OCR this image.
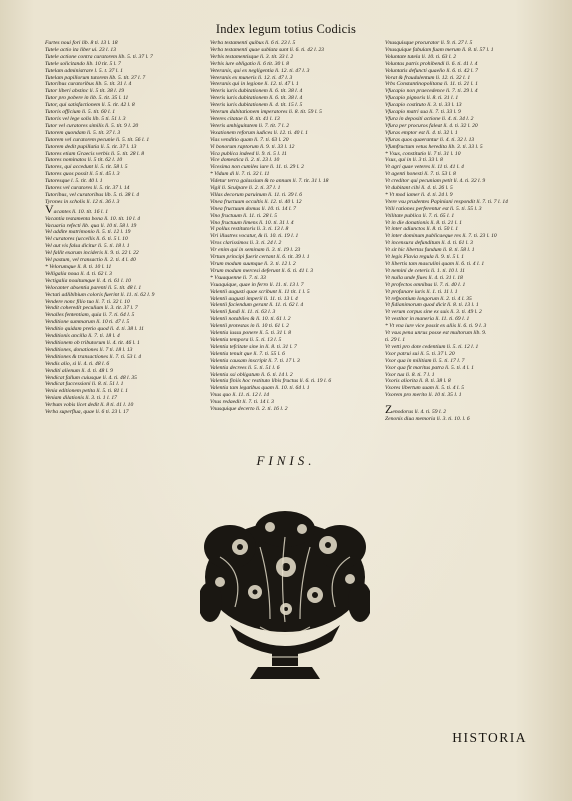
Index legum totius Codicis
Furtes noui fori lib. 8 ti. 13 l. 18
Tutele actio ita liber ui. 23 l. 13
Tutele actione contra curatorem lib. 5. ti. 37 l. 7
Tutele solicitando lib. 10 tit. 5 l. 7
Tutelam administrare l. 5. t. 37 l. 1
Tutelam papillorum tutorem lib. 5. tit. 37 l. 7
Tutoribus curatoribus lib. 5. tit. 31 l. 4
Tutor liberi abstinc li. 5 tit. 38 l. 19
Tutor pro pobere in lib. 5. tit. 35 l. 11
Tutor, qui satisfactionem li. 5. tit. 42 l. 8
Tutoris officium li. 5. tit. 60 l. 1
Tutoris vel lege solis lib. 5 ti. 51 l. 3
Tutor vel curatores similis li. 5. tit. 9 l. 20
Tutorem quondam li. 5. tit. 37 l. 3
Tutorem vel curatorem pecunie li. 5. tit. 56 l. 1
Tutorem dedit pupillatia li. 5. tit. 37 l. 13
Tutores etiam Graecis verbis li. 5. tit. 28 l. 8
Tutores nominatos li. 5 tit. 62 l. 10
Tutores, qui accedunt li. 5. tit. 58 l. 5
Tutores quos possit li. 5 ti. 45 l. 3
Tutoresque l. 5. tit. 40 l. 1
Tutores vel curatores li. 5. tit. 37 l. 14
Tutoribus, vel curatoribus lib. 5. ti. 38 l. 4
Tyrones in scholis li. 12 ti. 36 l. 3
Vacantes li. 10. tit. 16 l. 1
Vacantia testamenta bona li. 10. tit. 10 l. 4
Vacuaria refecti lib. qua li. 10 ti. 58 l. 19
Vel addite matrimonio li. 5. ti. 12 l. 19
Vel curatores (uccellis li. 6. ti. 5 l. 10
Vel aut vis falsa dicitur li. 5. ti. 18 l. 1
Vel fallit exarum incideris li. 9. ti. 22 l. 22
Vel pastum, vel transactio li. 2. ti. 4 l. 40
* Velorumque li. 8. ti. 10 l. 11
Velligalia noua li. 4. ti. 62 l. 3
Vectigalia nouitumque li. 4. ti. 61 l. 10
Velocanter absentia parenti li. 5. tit. 48 l. 1
Vectati adlibibium coloris fuerint li. 11. ti. 62 l. 9
Vendere nonc filio tuo li. 7. ti. 32 l. 10
Vendit coheredit peculium li. 3. tit. 37 l. 7
Venalles fententiam, quia li. 7. ti. 64 l. 5
Venditione summarum li. 10 ti. 47 l. 5
Venditio quidam pretio quod li. 4. ti. 38 l. 11
Venditionis ancilla li. 7. ti. 18 l. 4
Venditionem ob tributorum li. 4. tit. 46 l. 1
Venditiones, donationes li. 7 ti. 18 l. 13
Venditiones & transactiones li. 7. ti. 53 l. 4
Vendis alio, si li. 4. ti. 48 l. 6
Venditi alienum li. 4. ti. 48 l. 9
Vendicat fallum cuiusque li. 4. ti. 48 l. 35
Vendicat fuccessioni li. 8. ti. 51 l. 1
Venia editionem petita li. 5. ti. 81 l. 1
Veniam dilationis li. 3. ti. 1 l. 17
Verbum vobis licet dedit li. 8 ti. 41 l. 10
Verba superflua, quae li. 6 ti. 23 l. 17
Verba testamenti quibus li. 6 ti. 23 l. 5
Verba testamenti quae sublata sunt li. 6. ti. 42 l. 23
Verbis testamentisque li. 3. tit. 33 l. 2
Verbis iure obligatio li. 6 tit. 30 l. 8
Veteranis, qui ex negligentia li. 12. ti. 47 l. 3
Veteranis ex muneris li. 12. ti. 47 l. 3
Veteranis qui in legione li. 12. ti. 47 l. 1
Veteris iuris dubitationem li. 6. tit. 38 l. 4
Veteris iuris dubitationem li. 6. tit. 38 l. 4
Veteris iuris dubitationem li. 4. tit. 15 l. 5
Veterum dubitationem imperatores li. 8. tit. 59 l. 5
Veteres citatae li. 8. tit. 41 l. 13
Veteris ambiguitatem li. 7. tit. 7 l. 2
Vexationem reforum iudices li. 12. ti. 40 l. 1
Vias venditio quam li. 7. ti. 63 l. 20
Vi bonorum raptorum li. 9. ti. 33 l. 12
Vica publica indeed li. 9. ti. 5 l. 11
Vice domestica li. 2. ti. 23 l. 10
Vicesima non cumiles iure li. 11. ti. 29 l. 2
* Vidum di li. 7. ti. 32 l. 11
Videtur terra galassium & to annum li. 7. tit. 31 l. 18
Vigil li. Sculpare li. 2. ti. 37 l. 1
Villas decorum paruinum li. 11. ti. 39 l. 6
Vinea fructuum occultis li. 12. ti. 40 l. 12
Vinea fructuum domus li. 10. ti. 14 l. 7
Vino fructuum li. 11. ti. 28 l. 5
Vino fructuum limens li. 10. ti. 31 l. 4
Vi pollus restitutoris li. 3. ti. 13 l. 8
Viri illustres vocatur, & li. 10. ti. 19 l. 1
Viros clarissimos li. 3. ti. 24 l. 2
Vir enim qui in seminam li. 3. ti. 19 l. 23
Virtum principi fuerit certant li. 6. tit. 39 l. 1
Virum modum suumque li. 3. ti. 12 l. 2
Virum modum mercesi deferunt li. 6. ti. 41 l. 3
* Vsuaquenne li. 7. ti. 33
Vsuaquique, quae in ferro li. 11. ti. 13 l. 7
Valentii augusti quae scribunt li. 11 tit. 1 l. 5
Valentii augusti imperii li. 11. ti. 13 l. 4
Valentii faciendum gerant li. 11. ti. 62 l. 4
Valentii fundi li. 11. ti. 63 l. 3
Valentii notabiles & li. 10. ti. 61 l. 2
Valentii protestas in li. 10 ti. 61 l. 2
Valentia iussu ponere li. 5. ti. 31 l. 8
Valentia tempora li. 5. ti. 13 l. 5
Valentia tefcitate sine in li. 8. ti. 31 l. 7
Valentia tenuit que li. 7. ti. 55 l. 6
Valentia causam inscripit li. 7. ti. 17 l. 3
Valentia decrees li. 5. ti. 51 l. 6
Valentia ssi obligatum li. 6. ti. 14 l. 2
Valentia finiis hoc restituto libis fructus li. 6. ti. 19 l. 6
Valentia tam legatibus quam li. 10. ti. 64 l. 1
Vnus quo li. 11. ti. 12 l. 14
Vnus redaedit li. 7. ti. 14 l. 3
Vnusquique decerto li. 2. ti. 16 l. 2
Vnusquisque procurator li. 9. ti. 27 l. 5
Vnusquique fabulam fuam merum li. 8. ti. 57 l. 1
Voluntate tutela li. 10. ti. 63 l. 2
Voluntas patris prohibendi li. 6. ti. 41 l. 4
Voluntatis defuncti quaelio li. 6. ti. 42 l. 7
Vorat & fraudulentum li. 12. ti. 32 l. 1
Vrbs Constantinopolitana li. 11. ti. 21 l. 1
Vfucapio non praecedence li. 7. ti. 29 l. 4
Vfucapio pignoris li. 8. ti. 31 l. 1
Vfucapio costituto li. 3. ti. 33 l. 13
Vfucapio matri sua li. 7. ti. 33 l. 9
Vfura in depositi actione li. 4. ti. 34 l. 2
Vfura per procuros faleat li. 4. ti. 32 l. 20
Vfuras emptor est li. 4. ti. 32 l. 1
Vfuras quos quaerantur li. 4. ti. 32 l. 13
Vfumfructum vetus heredita lib. 3. ti. 33 l. 5
* Vsus, constitutio li. 7 ti. 31 l. 10
Vsus, qui in li. 3 ti. 33 l. 8
Vt agri quae veteres li. 11 ti. 41 l. 4
Vt agenti honesti li. 7. ti. 53 l. 8
Vt creditor qui pecuniam petit li. 4. ti. 32 l. 9
Vt dubitant cibi li. 4. ti. 26 l. 5
* Vt mod iamer li. 4. ti. 24 l. 9
Vtere vsu prudentes Papiniani respondit li. 7. ti. 7 l. 14
Vtili rationes perferentur est li. 5. ti. 55 l. 3
Vtilitate publica li. 7. ti. 65 l. 1
Vt in die donationis li. 8. ti. 21 l. 1
Vt inter adiunctos li. 8. ti. 50 l. 1
Vt inter dominum publicaeque res li. 7. ti. 23 l. 10
Vt incensura defunditum li. 4. ti. 61 l. 3
Vt sit hic libertas fundum li. 8. ti. 58 l. 1
Vt legis Flavia regula li. 9. ti. 5 l. 1
Vt libertis tam masculini quam li. 6. ti. 4 l. 1
Vt nemini de ceteris li. 1. ti. 10 l. 11
Vt nulla unde fiues li. 4. ti. 31 l. 18
Vt profectos omnibus li. 7. ti. 40 l. 1
Vt profanare iuris li. 1. ti. 11 l. 1
Vt refpontium longorum li. 2. ti. 4 l. 35
Vt fidianimorum quod dicit li. 8. ti. 13 l. 1
Vt verum corpus sine ex suis li. 3. ti. 49 l. 2
Vt vestitor in maneria li. 11. ti. 69 l. 1
* Vt vna iure vice possit ex aliis li. 6. ti. 9 l. 3
Vt vsus pena unrus posse est multorum lib. 9.
ti. 29 l. 1
Vt vetti pro dote cedentium li. 5. ti. 12 l. 1
Vxor patrui sui li. 5. ti. 37 l. 20
Vxor qua in militiam li. 5. ti. 17 l. 7
Vxor qua fit maritus patra li. 5. ti. 4 l. 1
Vxor tua li. 8. ti. 7 l. 1
Vxoris aliorita li. 8. ti. 38 l. 8
Vxores libertum suam li. 5. ti. 4 l. 5
Vxorem pro merito li. 10 ti. 35 l. 1

Zenodorus li. 4. ti. 59 l. 2
Zenonis diua memoria li. 3. ti. 10. l. 6
FINIS.
HISTORIA
